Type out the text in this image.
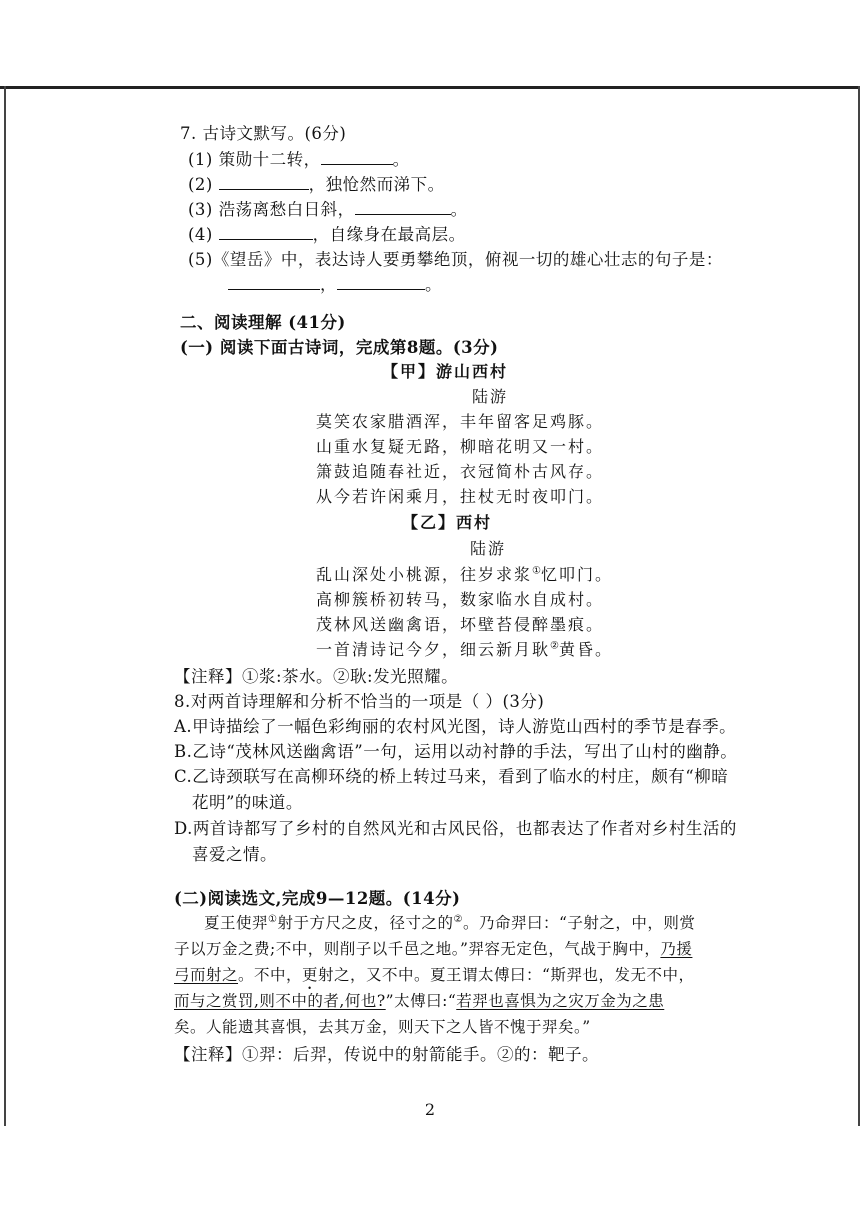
7. 古诗文默写。(6分)
(1) 策勋十二转，	。
(2)	，独怆然而涕下。
(3) 浩荡离愁白日斜，	。
(4)	，自缘身在最高层。
(5)《望岳》中，表达诗人要勇攀绝顶，俯视一切的雄心壮志的句子是：
，	。
二、阅读理解 (41分)
(一) 阅读下面古诗词，完成第8题。(3分)
【甲】游山西村
陆游
莫笑农家腊酒浑，丰年留客足鸡豚。
山重水复疑无路，柳暗花明又一村。
箫鼓追随春社近，衣冠简朴古风存。
从今若许闲乘月，拄杖无时夜叩门。
【乙】西村
陆游
乱山深处小桃源，往岁求浆①忆叩门。
高柳簇桥初转马，数家临水自成村。
茂林风送幽禽语，坏壁苔侵醉墨痕。
一首清诗记今夕，细云新月耿②黄昏。
【注释】①浆:茶水。②耿:发光照耀。
8.对两首诗理解和分析不恰当的一项是（ ）(3分)
A.甲诗描绘了一幅色彩绚丽的农村风光图，诗人游览山西村的季节是春季。
B.乙诗“茂林风送幽禽语”一句，运用以动衬静的手法，写出了山村的幽静。
C.乙诗颈联写在高柳环绕的桥上转过马来，看到了临水的村庄，颇有“柳暗
花明”的味道。
D.两首诗都写了乡村的自然风光和古风民俗，也都表达了作者对乡村生活的
喜爱之情。
(二)阅读选文,完成9—12题。(14分)
夏王使羿①射于方尺之皮，径寸之的②。乃命羿曰：“子射之，中，则赏
子以万金之费;不中，则削子以千邑之地。”羿容无定色，气战于胸中，乃援
弓而射之。不中，更射之，又不中。夏王谓太傅曰：“斯羿也，发无不中，
而与之赏罚,则不中的者,何也?”太傅曰:“若羿也喜惧为之灾万金为之患
矣。人能遗其喜惧，去其万金，则天下之人皆不愧于羿矣。”
【注释】①羿：后羿，传说中的射箭能手。②的：靶子。
2
